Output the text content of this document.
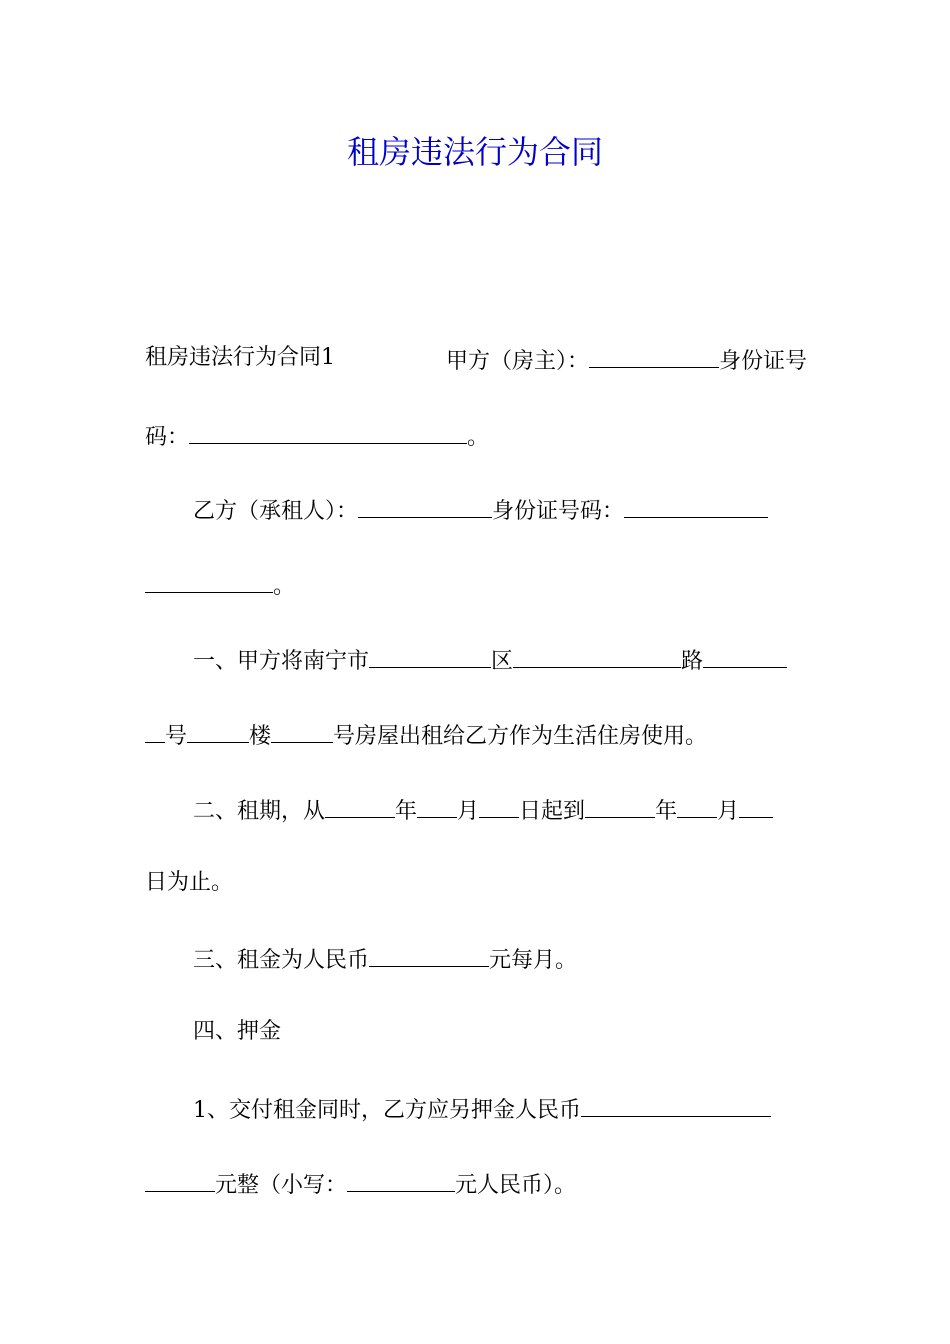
租房违法行为合同
租房违法行为合同1	甲方（房主）：	身份证号
码：	。
乙方（承租人）：	身份证号码：
。
一、甲方将南宁市	区	路
号	楼	号房屋出租给乙方作为生活住房使用。
二、租期，从	年 月 日起到	年 月
日为止。
三、租金为人民币	元每月。
四、押金
1、交付租金同时，乙方应另押金人民币
元整（小写：	元人民币）。
